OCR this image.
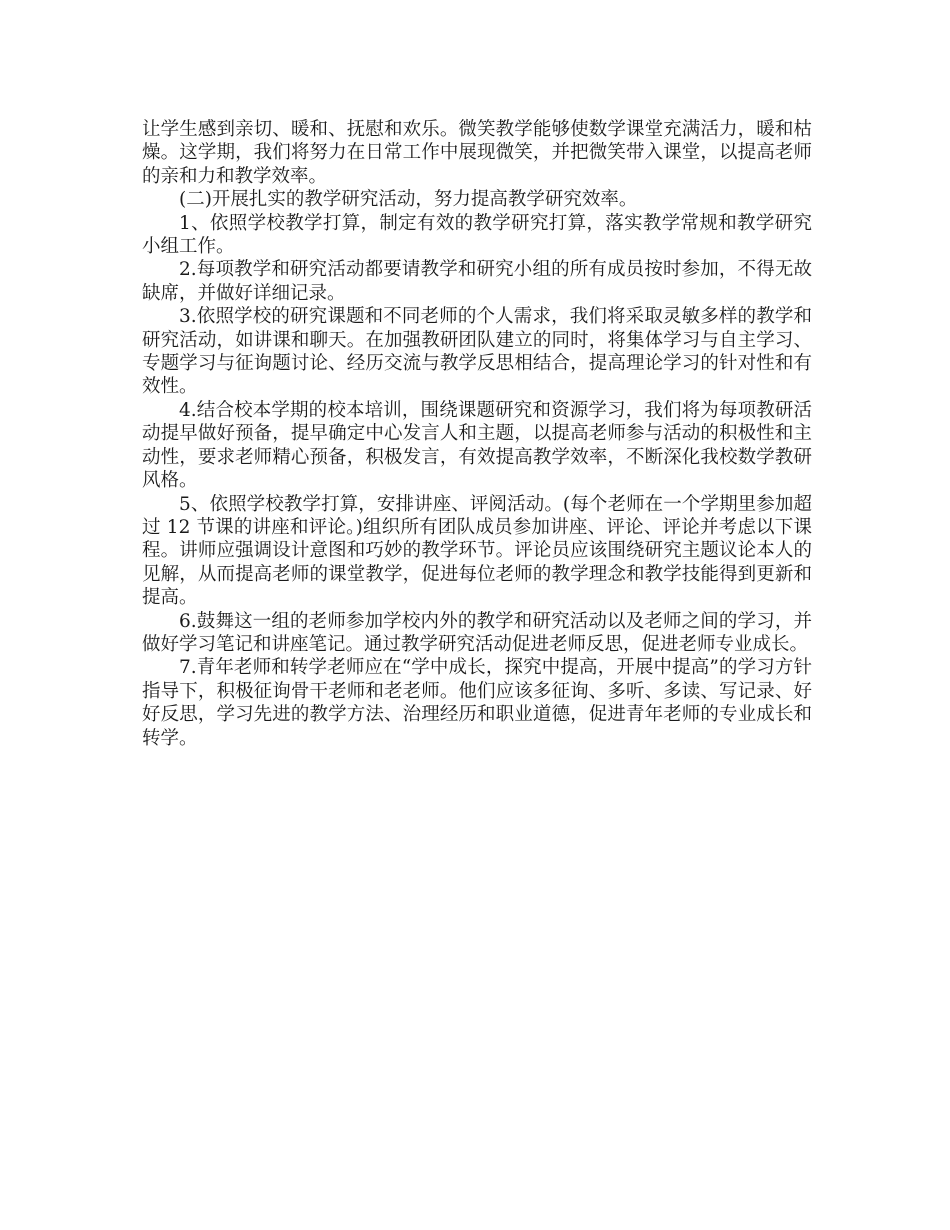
让学生感到亲切、暖和、抚慰和欢乐。微笑教学能够使数学课堂充满活力，暖和枯燥。这学期，我们将努力在日常工作中展现微笑，并把微笑带入课堂，以提高老师的亲和力和教学效率。

(二)开展扎实的教学研究活动，努力提高教学研究效率。

1、依照学校教学打算，制定有效的教学研究打算，落实教学常规和教学研究小组工作。

2.每项教学和研究活动都要请教学和研究小组的所有成员按时参加，不得无故缺席，并做好详细记录。

3.依照学校的研究课题和不同老师的个人需求，我们将采取灵敏多样的教学和研究活动，如讲课和聊天。在加强教研团队建立的同时，将集体学习与自主学习、专题学习与征询题讨论、经历交流与教学反思相结合，提高理论学习的针对性和有效性。

4.结合校本学期的校本培训，围绕课题研究和资源学习，我们将为每项教研活动提早做好预备，提早确定中心发言人和主题，以提高老师参与活动的积极性和主动性，要求老师精心预备，积极发言，有效提高教学效率，不断深化我校数学教研风格。

5、依照学校教学打算，安排讲座、评阅活动。(每个老师在一个学期里参加超过 12 节课的讲座和评论。)组织所有团队成员参加讲座、评论、评论并考虑以下课程。讲师应强调设计意图和巧妙的教学环节。评论员应该围绕研究主题议论本人的见解，从而提高老师的课堂教学，促进每位老师的教学理念和教学技能得到更新和提高。

6.鼓舞这一组的老师参加学校内外的教学和研究活动以及老师之间的学习，并做好学习笔记和讲座笔记。通过教学研究活动促进老师反思，促进老师专业成长。

7.青年老师和转学老师应在“学中成长，探究中提高，开展中提高”的学习方针指导下，积极征询骨干老师和老老师。他们应该多征询、多听、多读、写记录、好好反思，学习先进的教学方法、治理经历和职业道德，促进青年老师的专业成长和转学。
